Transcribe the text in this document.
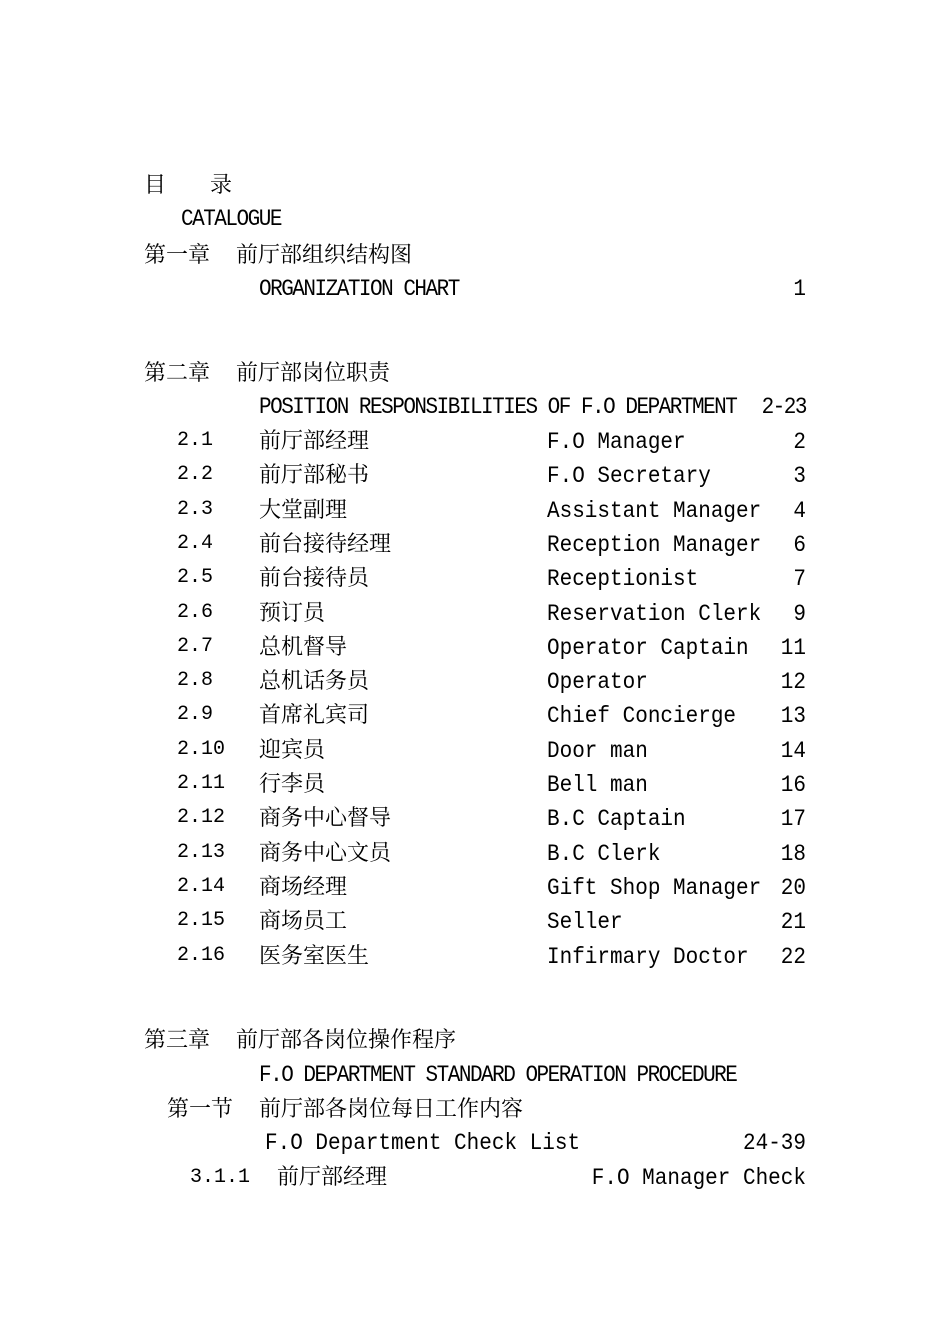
目　　录
CATALOGUE
第一章 前厅部组织结构图
ORGANIZATION CHART	1
第二章 前厅部岗位职责
POSITION RESPONSIBILITIES OF F.O DEPARTMENT 2-23
2.1 前厅部经理	F.O Manager	2
2.2 前厅部秘书	F.O Secretary	3
2.3 大堂副理	Assistant Manager 4
2.4 前台接待经理	Reception Manager 6
2.5 前台接待员	Receptionist	7
2.6 预订员	Reservation Clerk 9
2.7 总机督导	Operator Captain 11
2.8 总机话务员	Operator	12
2.9 首席礼宾司	Chief Concierge 13
2.10 迎宾员	Door man	14
2.11 行李员	Bell man	16
2.12 商务中心督导	B.C Captain	17
2.13 商务中心文员	B.C Clerk	18
2.14 商场经理	Gift Shop Manager 20
2.15 商场员工	Seller	21
2.16 医务室医生	Infirmary Doctor 22
第三章 前厅部各岗位操作程序
F.O DEPARTMENT STANDARD OPERATION PROCEDURE
第一节 前厅部各岗位每日工作内容
F.O Department Check List	24-39
3.1.1 前厅部经理	F.O Manager Check
